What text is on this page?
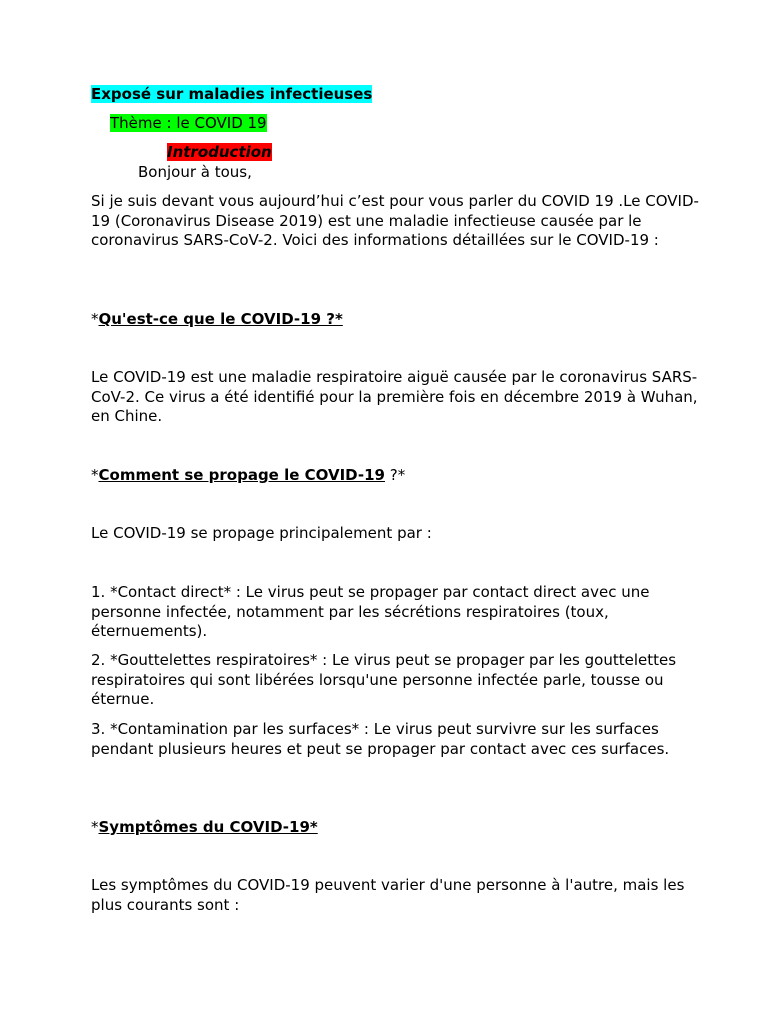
Exposé sur maladies infectieuses
Thème : le COVID 19
Introduction
Bonjour à tous,
Si je suis devant vous aujourd’hui c’est pour vous parler du COVID 19 .Le COVID-19 (Coronavirus Disease 2019) est une maladie infectieuse causée par le coronavirus SARS-CoV-2. Voici des informations détaillées sur le COVID-19 :
*Qu'est-ce que le COVID-19 ?*
Le COVID-19 est une maladie respiratoire aiguë causée par le coronavirus SARS-CoV-2. Ce virus a été identifié pour la première fois en décembre 2019 à Wuhan, en Chine.
*Comment se propage le COVID-19 ?*
Le COVID-19 se propage principalement par :
1. *Contact direct* : Le virus peut se propager par contact direct avec une personne infectée, notamment par les sécrétions respiratoires (toux, éternuements).
2. *Gouttelettes respiratoires* : Le virus peut se propager par les gouttelettes respiratoires qui sont libérées lorsqu'une personne infectée parle, tousse ou éternue.
3. *Contamination par les surfaces* : Le virus peut survivre sur les surfaces pendant plusieurs heures et peut se propager par contact avec ces surfaces.
*Symptômes du COVID-19*
Les symptômes du COVID-19 peuvent varier d'une personne à l'autre, mais les plus courants sont :
